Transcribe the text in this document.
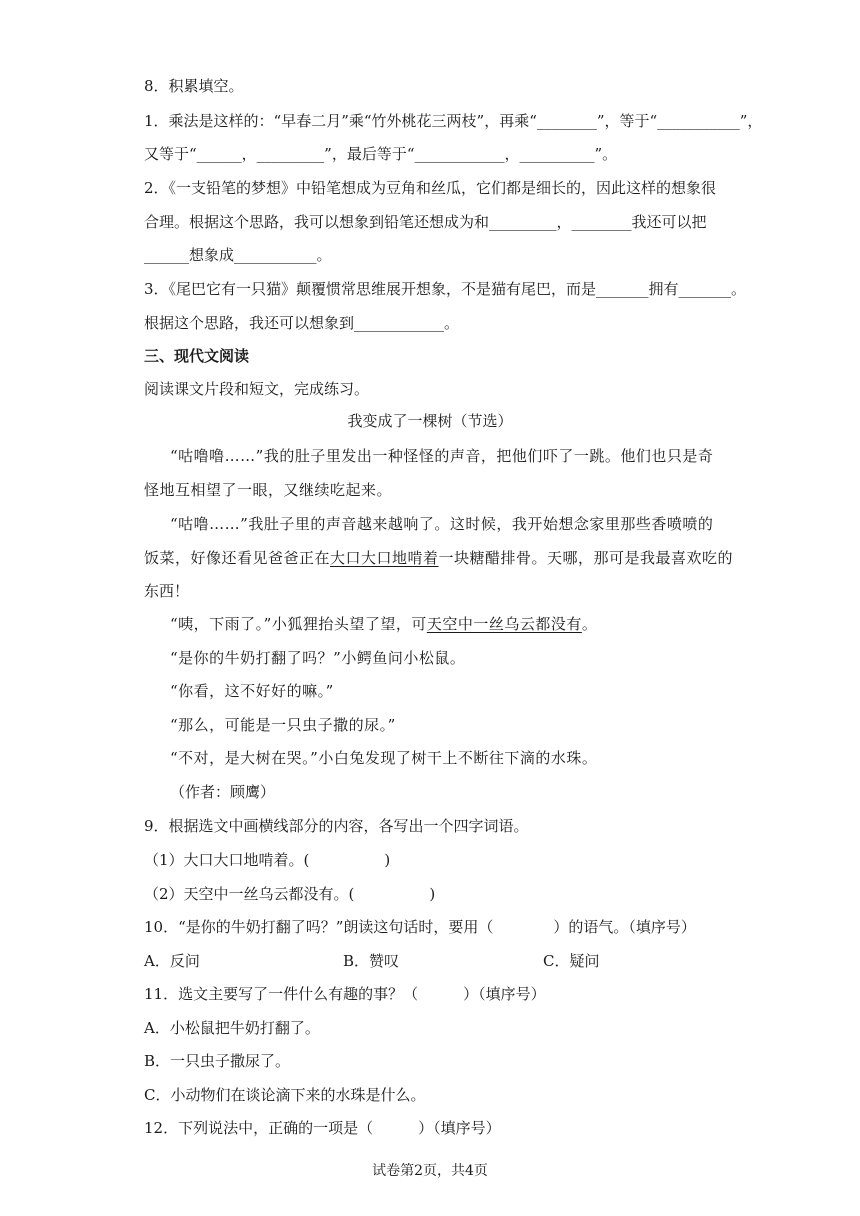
8．积累填空。
1．乘法是这样的：“早春二月”乘“竹外桃花三两枝”，再乘“________”，等于“___________”，
又等于“______，_________”，最后等于“____________，__________”。
2．《一支铅笔的梦想》中铅笔想成为豆角和丝瓜，它们都是细长的，因此这样的想象很
合理。根据这个思路，我可以想象到铅笔还想成为和_________，________我还可以把
______想象成___________。
3．《尾巴它有一只猫》颠覆惯常思维展开想象，不是猫有尾巴，而是_______拥有_______。
根据这个思路，我还可以想象到____________。
三、现代文阅读
阅读课文片段和短文，完成练习。
我变成了一棵树（节选）
“咕噜噜……”我的肚子里发出一种怪怪的声音，把他们吓了一跳。他们也只是奇
怪地互相望了一眼，又继续吃起来。
“咕噜……”我肚子里的声音越来越响了。这时候，我开始想念家里那些香喷喷的
饭菜，好像还看见爸爸正在大口大口地啃着一块糖醋排骨。天哪，那可是我最喜欢吃的
东西！
“咦，下雨了。”小狐狸抬头望了望，可天空中一丝乌云都没有。
“是你的牛奶打翻了吗？”小鳄鱼问小松鼠。
“你看，这不好好的嘛。”
“那么，可能是一只虫子撒的尿。”
“不对，是大树在哭。”小白兔发现了树干上不断往下滴的水珠。
（作者：顾鹰）
9．根据选文中画横线部分的内容，各写出一个四字词语。
（1）大口大口地啃着。(　　　　　)
（2）天空中一丝乌云都没有。(　　　　　)
10．“是你的牛奶打翻了吗？”朗读这句话时，要用（　　　　）的语气。（填序号）
A．反问	B．赞叹	C．疑问
11．选文主要写了一件什么有趣的事？（　　　）（填序号）
A．小松鼠把牛奶打翻了。
B．一只虫子撒尿了。
C．小动物们在谈论滴下来的水珠是什么。
12．下列说法中，正确的一项是（　　　）（填序号）
试卷第2页，共4页
